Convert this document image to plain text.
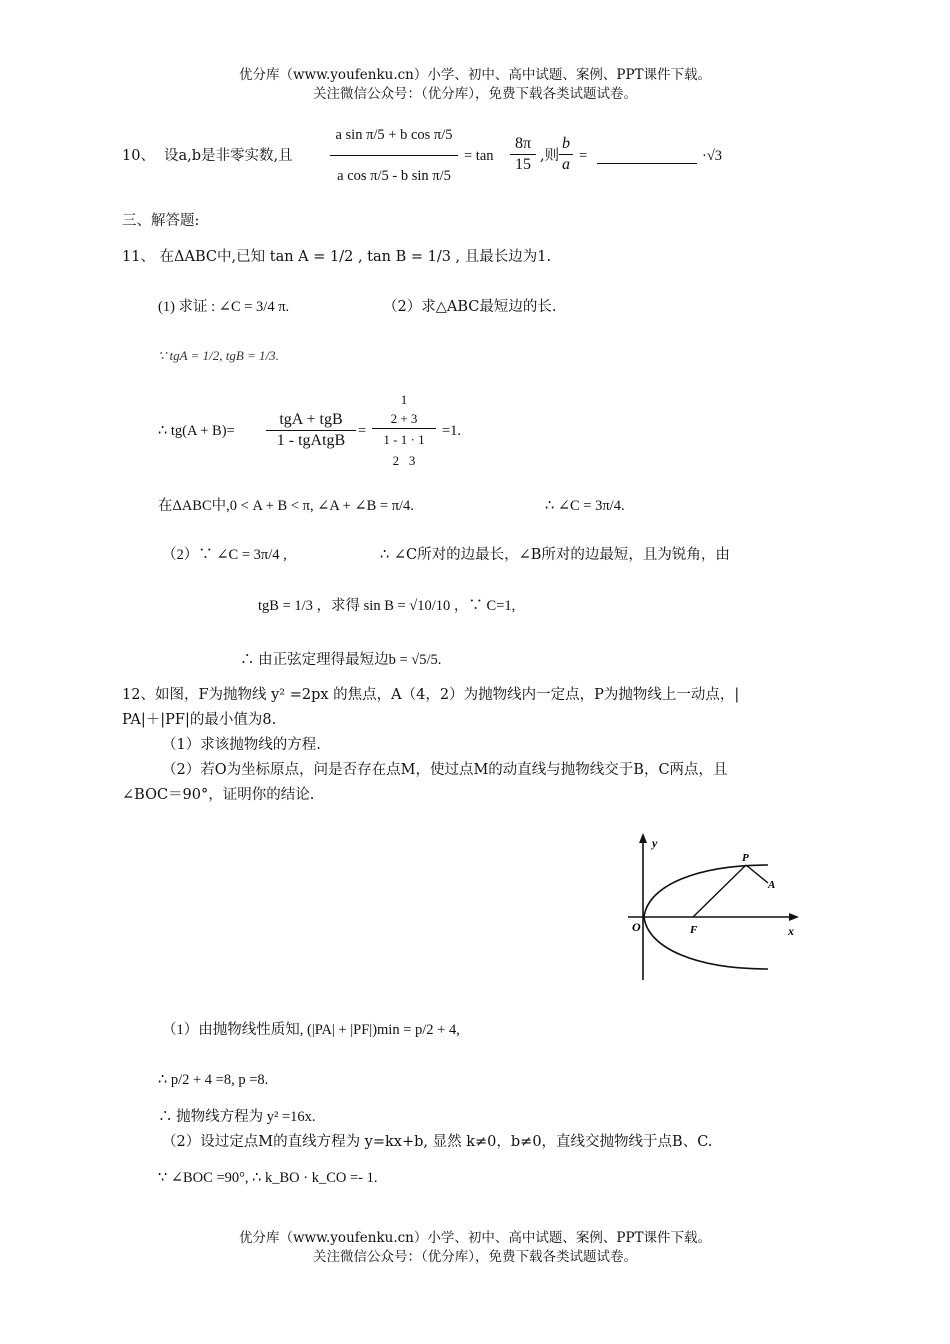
优分库（www.youfenku.cn）小学、初中、高中试题、案例、PPT课件下载。
关注微信公众号：（优分库），免费下载各类试题试卷。
10、 设a,b是非零实数,且	$\frac{\text{a sin π/5 + b cos π/5}}{\text{a cos π/5 - b sin π/5}} = \tan \frac{8\pi}{15}$ ,则 $\frac{b}{a}$ =	·√3
三、解答题:
11、 在ΔABC中,已知 tan A = 1/2 , tan B = 1/3 , 且最长边为1.
(1) 求证 : ∠C = 3/4 π.	（2）求△ABC最短边的长.
∵ tgA = 1/2, tgB = 1/3.
∴ tg(A + B)=
tgA + tgB
1 - tgAtgB
=
1
2 + 3
1 - 1 · 1
2   3
=1.
在ΔABC中,0 < A + B < π, ∠A + ∠B = π/4.	∴ ∠C = 3π/4.
（2）∵ ∠C = 3π/4 ,	∴ ∠C所对的边最长，∠B所对的边最短，且为锐角，由
tgB = 1/3 ，求得 sin B = √10/10 ，∵ C=1,
∴ 由正弦定理得最短边b = √5/5.
12、如图，F为抛物线 y² =2px 的焦点，A（4，2）为抛物线内一定点，P为抛物线上一动点，|
PA|＋|PF|的最小值为8.
（1）求该抛物线的方程.
（2）若O为坐标原点，问是否存在点M，使过点M的动直线与抛物线交于B，C两点，且
∠BOC＝90°，证明你的结论.
y
x
O	F
P
A
（1）由抛物线性质知, (|PA| + |PF|)min = p/2 + 4,
∴ p/2 + 4 =8, p =8.
∴ 抛物线方程为 y² =16x.
（2）设过定点M的直线方程为 y=kx+b, 显然 k≠0，b≠0，直线交抛物线于点B、C.
∵ ∠BOC =90°, ∴ k_BO · k_CO =- 1.
优分库（www.youfenku.cn）小学、初中、高中试题、案例、PPT课件下载。
关注微信公众号：（优分库），免费下载各类试题试卷。
